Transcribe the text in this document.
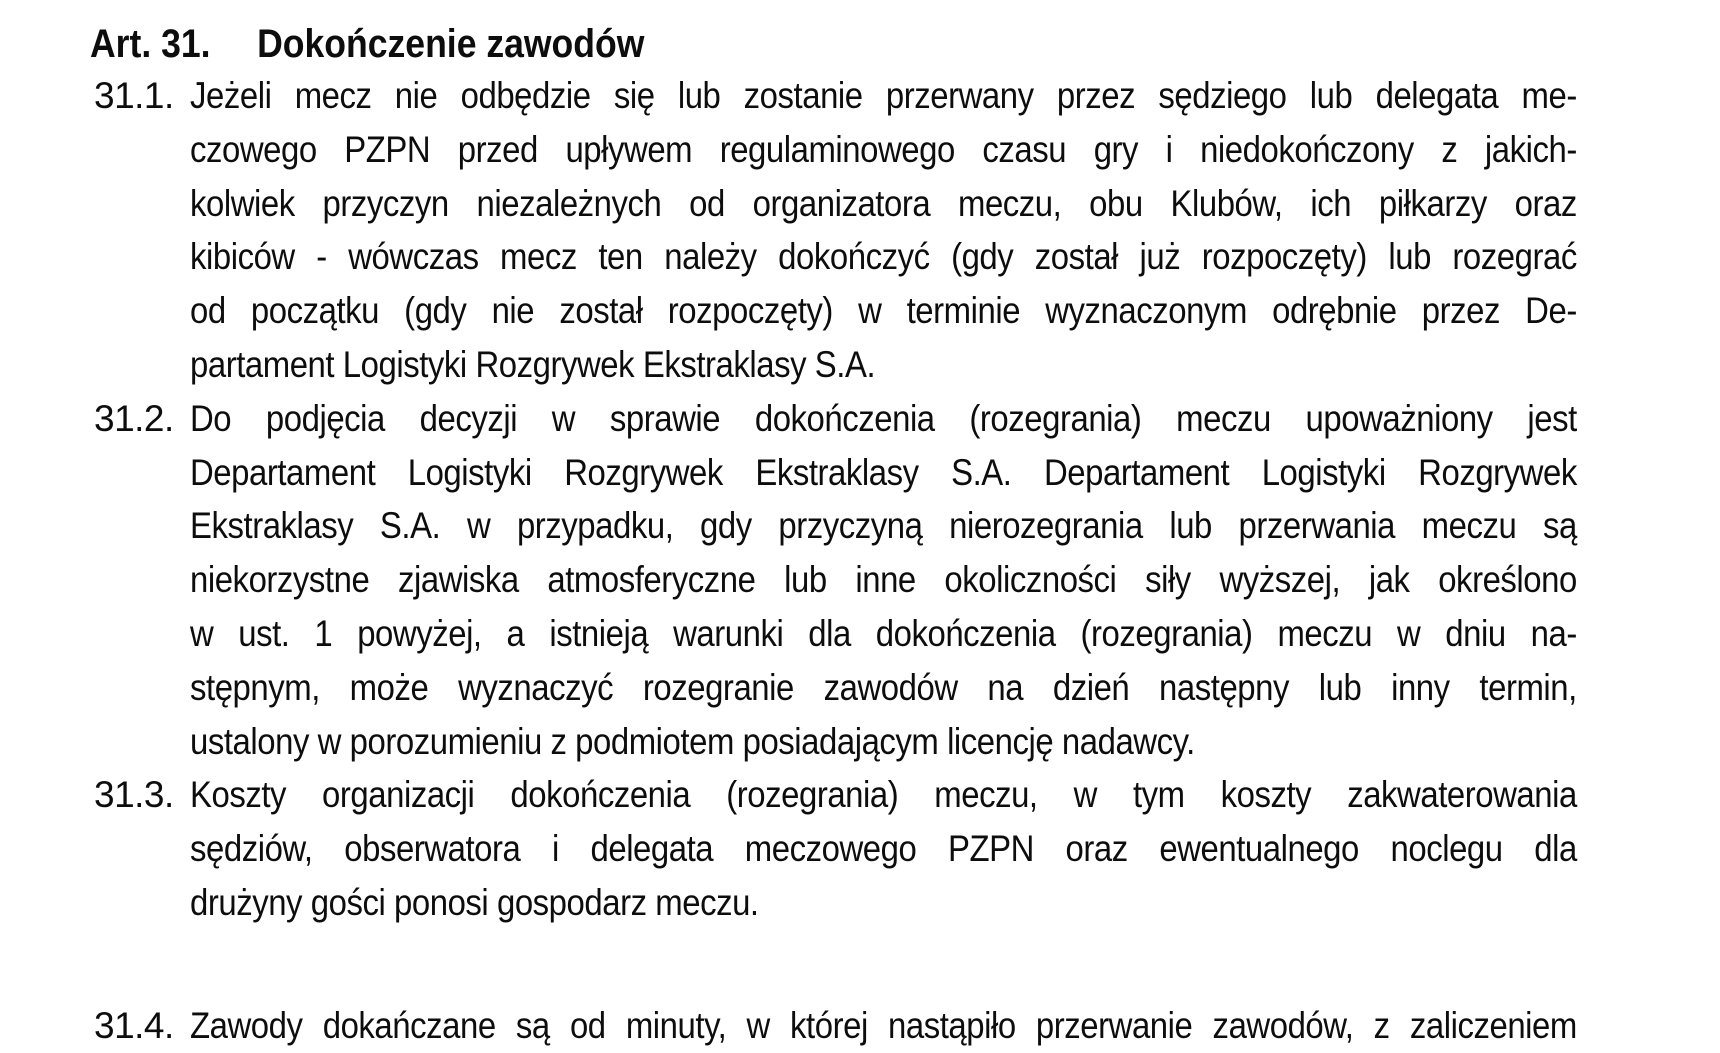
Art. 31. Dokończenie zawodów
31.1. Jeżeli mecz nie odbędzie się lub zostanie przerwany przez sędziego lub delegata me-
czowego PZPN przed upływem regulaminowego czasu gry i niedokończony z jakich-
kolwiek przyczyn niezależnych od organizatora meczu, obu Klubów, ich piłkarzy oraz
kibiców - wówczas mecz ten należy dokończyć (gdy został już rozpoczęty) lub rozegrać
od początku (gdy nie został rozpoczęty) w terminie wyznaczonym odrębnie przez De-
partament Logistyki Rozgrywek Ekstraklasy S.A.
31.2. Do podjęcia decyzji w sprawie dokończenia (rozegrania) meczu upoważniony jest
Departament Logistyki Rozgrywek Ekstraklasy S.A. Departament Logistyki Rozgrywek
Ekstraklasy S.A. w przypadku, gdy przyczyną nierozegrania lub przerwania meczu są
niekorzystne zjawiska atmosferyczne lub inne okoliczności siły wyższej, jak określono
w ust. 1 powyżej, a istnieją warunki dla dokończenia (rozegrania) meczu w dniu na-
stępnym, może wyznaczyć rozegranie zawodów na dzień następny lub inny termin,
ustalony w porozumieniu z podmiotem posiadającym licencję nadawcy.
31.3. Koszty organizacji dokończenia (rozegrania) meczu, w tym koszty zakwaterowania
sędziów, obserwatora i delegata meczowego PZPN oraz ewentualnego noclegu dla
drużyny gości ponosi gospodarz meczu.
31.4. Zawody dokańczane są od minuty, w której nastąpiło przerwanie zawodów, z zaliczeniem
